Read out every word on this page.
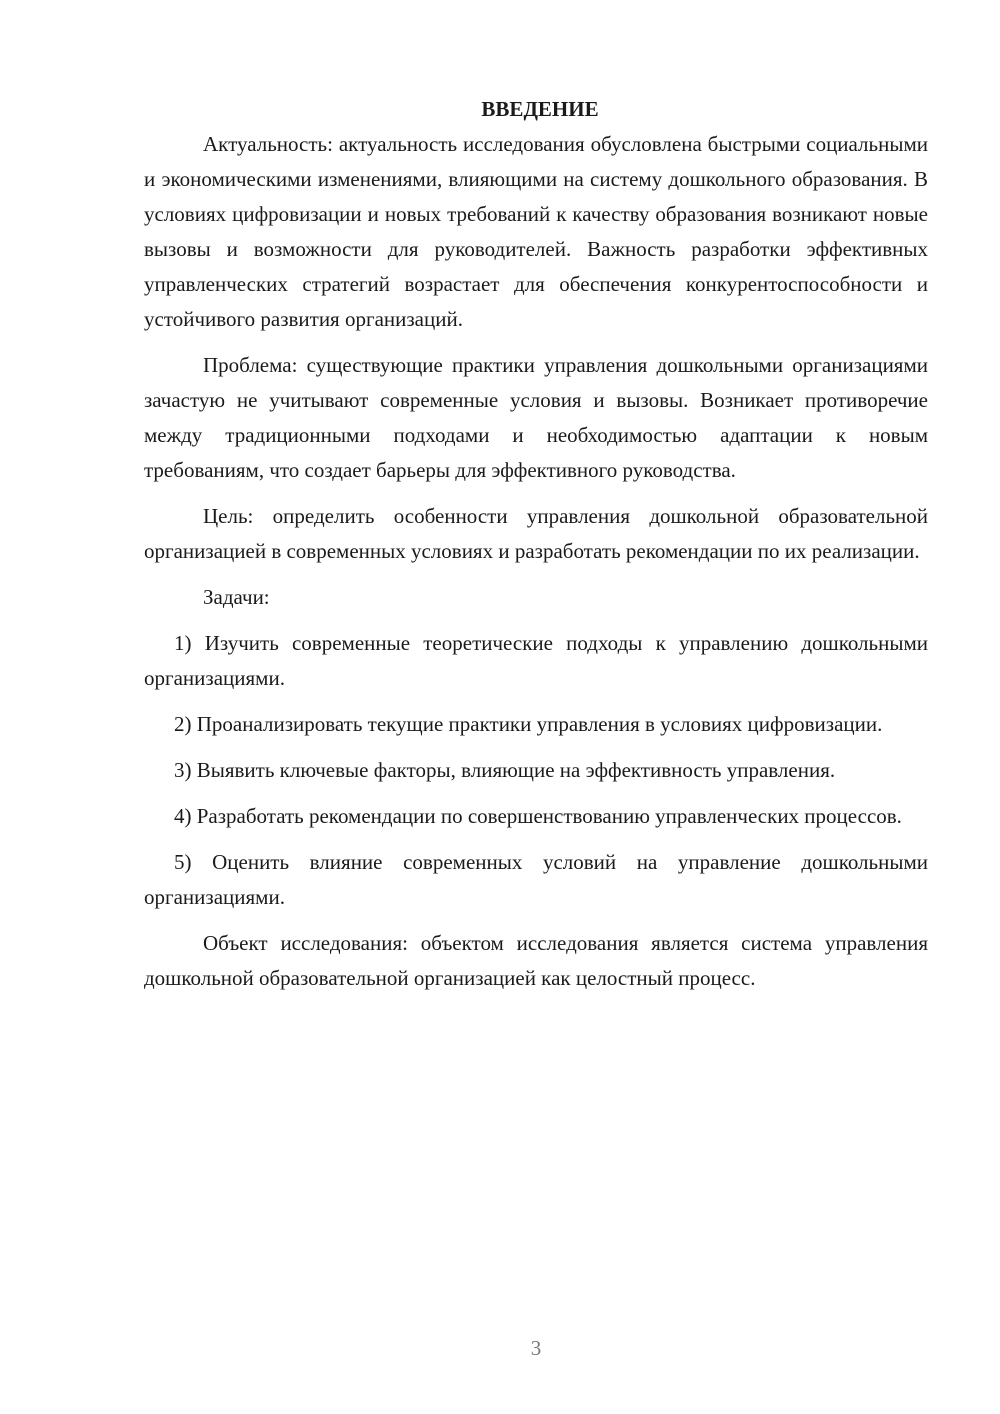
ВВЕДЕНИЕ

Актуальность: актуальность исследования обусловлена быстрыми социальными и экономическими изменениями, влияющими на систему дошкольного образования. В условиях цифровизации и новых требований к качеству образования возникают новые вызовы и возможности для руководителей. Важность разработки эффективных управленческих стратегий возрастает для обеспечения конкурентоспособности и устойчивого развития организаций.

Проблема: существующие практики управления дошкольными организациями зачастую не учитывают современные условия и вызовы. Возникает противоречие между традиционными подходами и необходимостью адаптации к новым требованиям, что создает барьеры для эффективного руководства.

Цель: определить особенности управления дошкольной образовательной организацией в современных условиях и разработать рекомендации по их реализации.

Задачи:

1) Изучить современные теоретические подходы к управлению дошкольными организациями.

2) Проанализировать текущие практики управления в условиях цифровизации.

3) Выявить ключевые факторы, влияющие на эффективность управления.

4) Разработать рекомендации по совершенствованию управленческих процессов.

5) Оценить влияние современных условий на управление дошкольными организациями.

Объект исследования: объектом исследования является система управления дошкольной образовательной организацией как целостный процесс.

3
